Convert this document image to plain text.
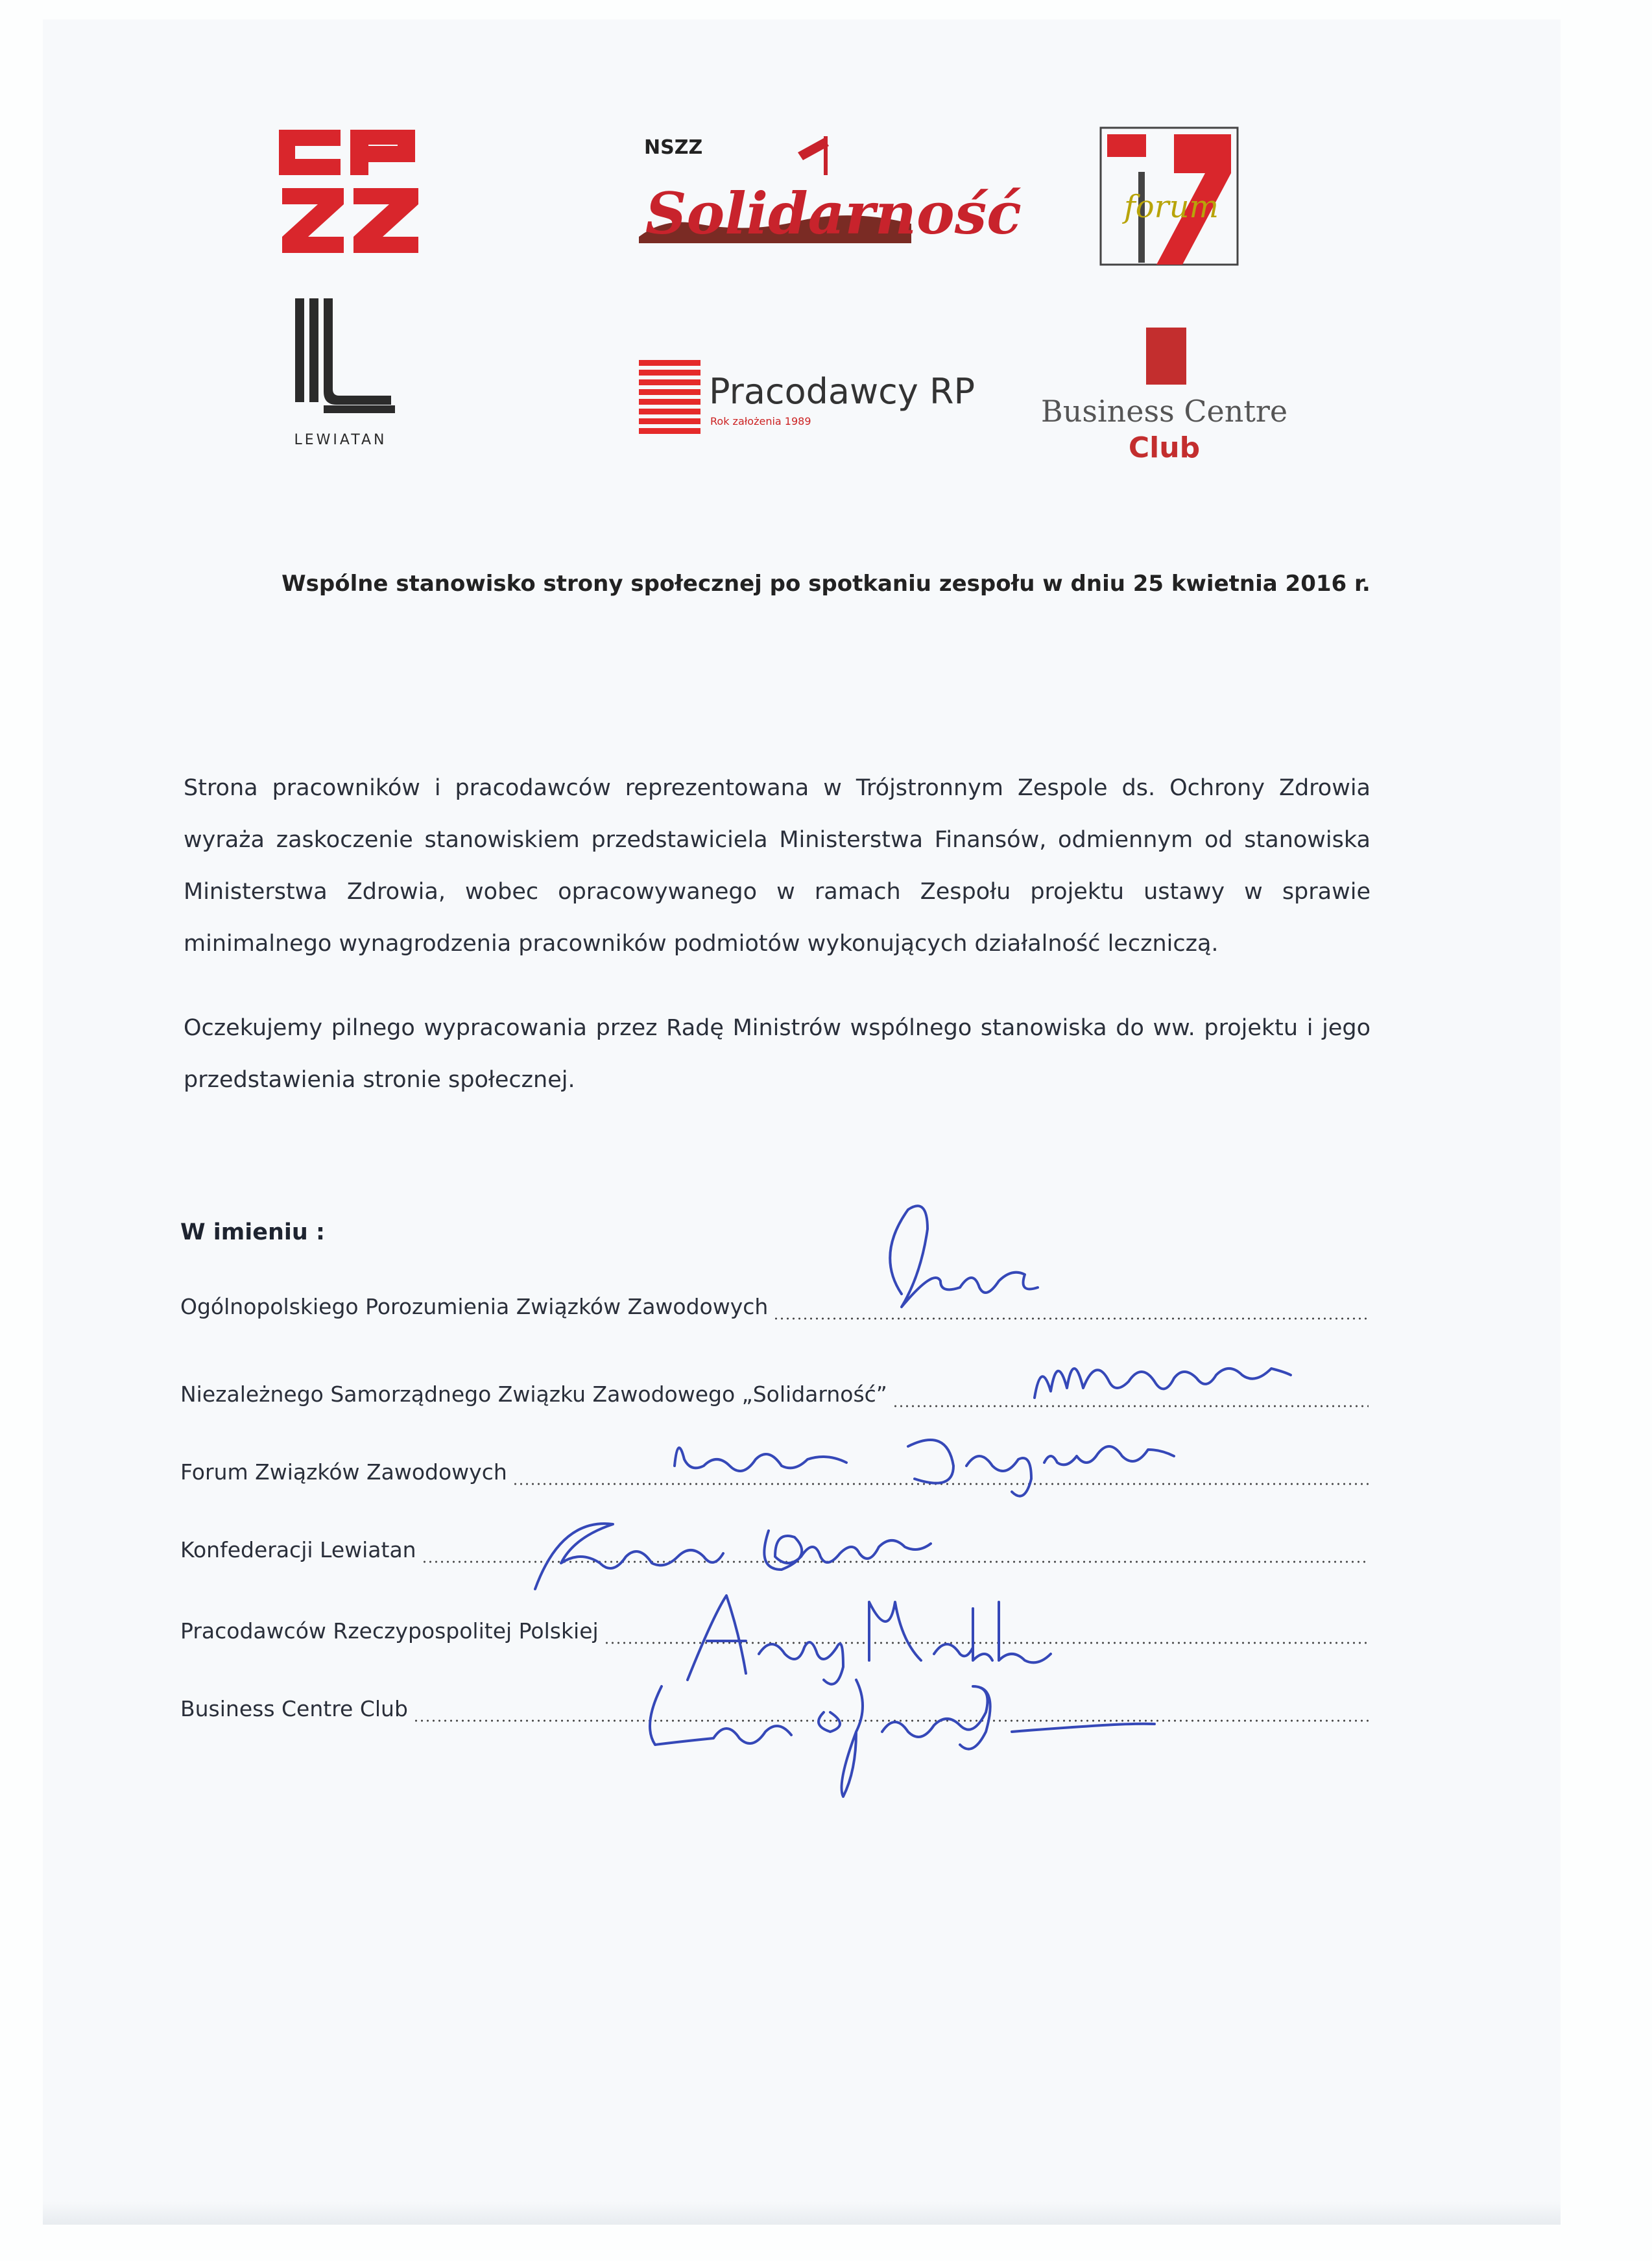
NSZZ
Solidarność	forum
LEWIATAN
Pracodawcy RP
Rok założenia 1989	Business Centre
Club
Wspólne stanowisko strony społecznej po spotkaniu zespołu w dniu 25 kwietnia 2016 r.

Strona pracowników i pracodawców reprezentowana w Trójstronnym Zespole ds. Ochrony Zdrowia wyraża zaskoczenie stanowiskiem przedstawiciela Ministerstwa Finansów, odmiennym od stanowiska Ministerstwa Zdrowia, wobec opracowywanego w ramach Zespołu projektu ustawy w sprawie minimalnego wynagrodzenia pracowników podmiotów wykonujących działalność leczniczą.

Oczekujemy pilnego wypracowania przez Radę Ministrów wspólnego stanowiska do ww. projektu i jego przedstawienia stronie społecznej.

W imieniu :
Ogólnopolskiego Porozumienia Związków Zawodowych
Niezależnego Samorządnego Związku Zawodowego „Solidarność”
Forum Związków Zawodowych
Konfederacji Lewiatan
Pracodawców Rzeczypospolitej Polskiej
Business Centre Club
